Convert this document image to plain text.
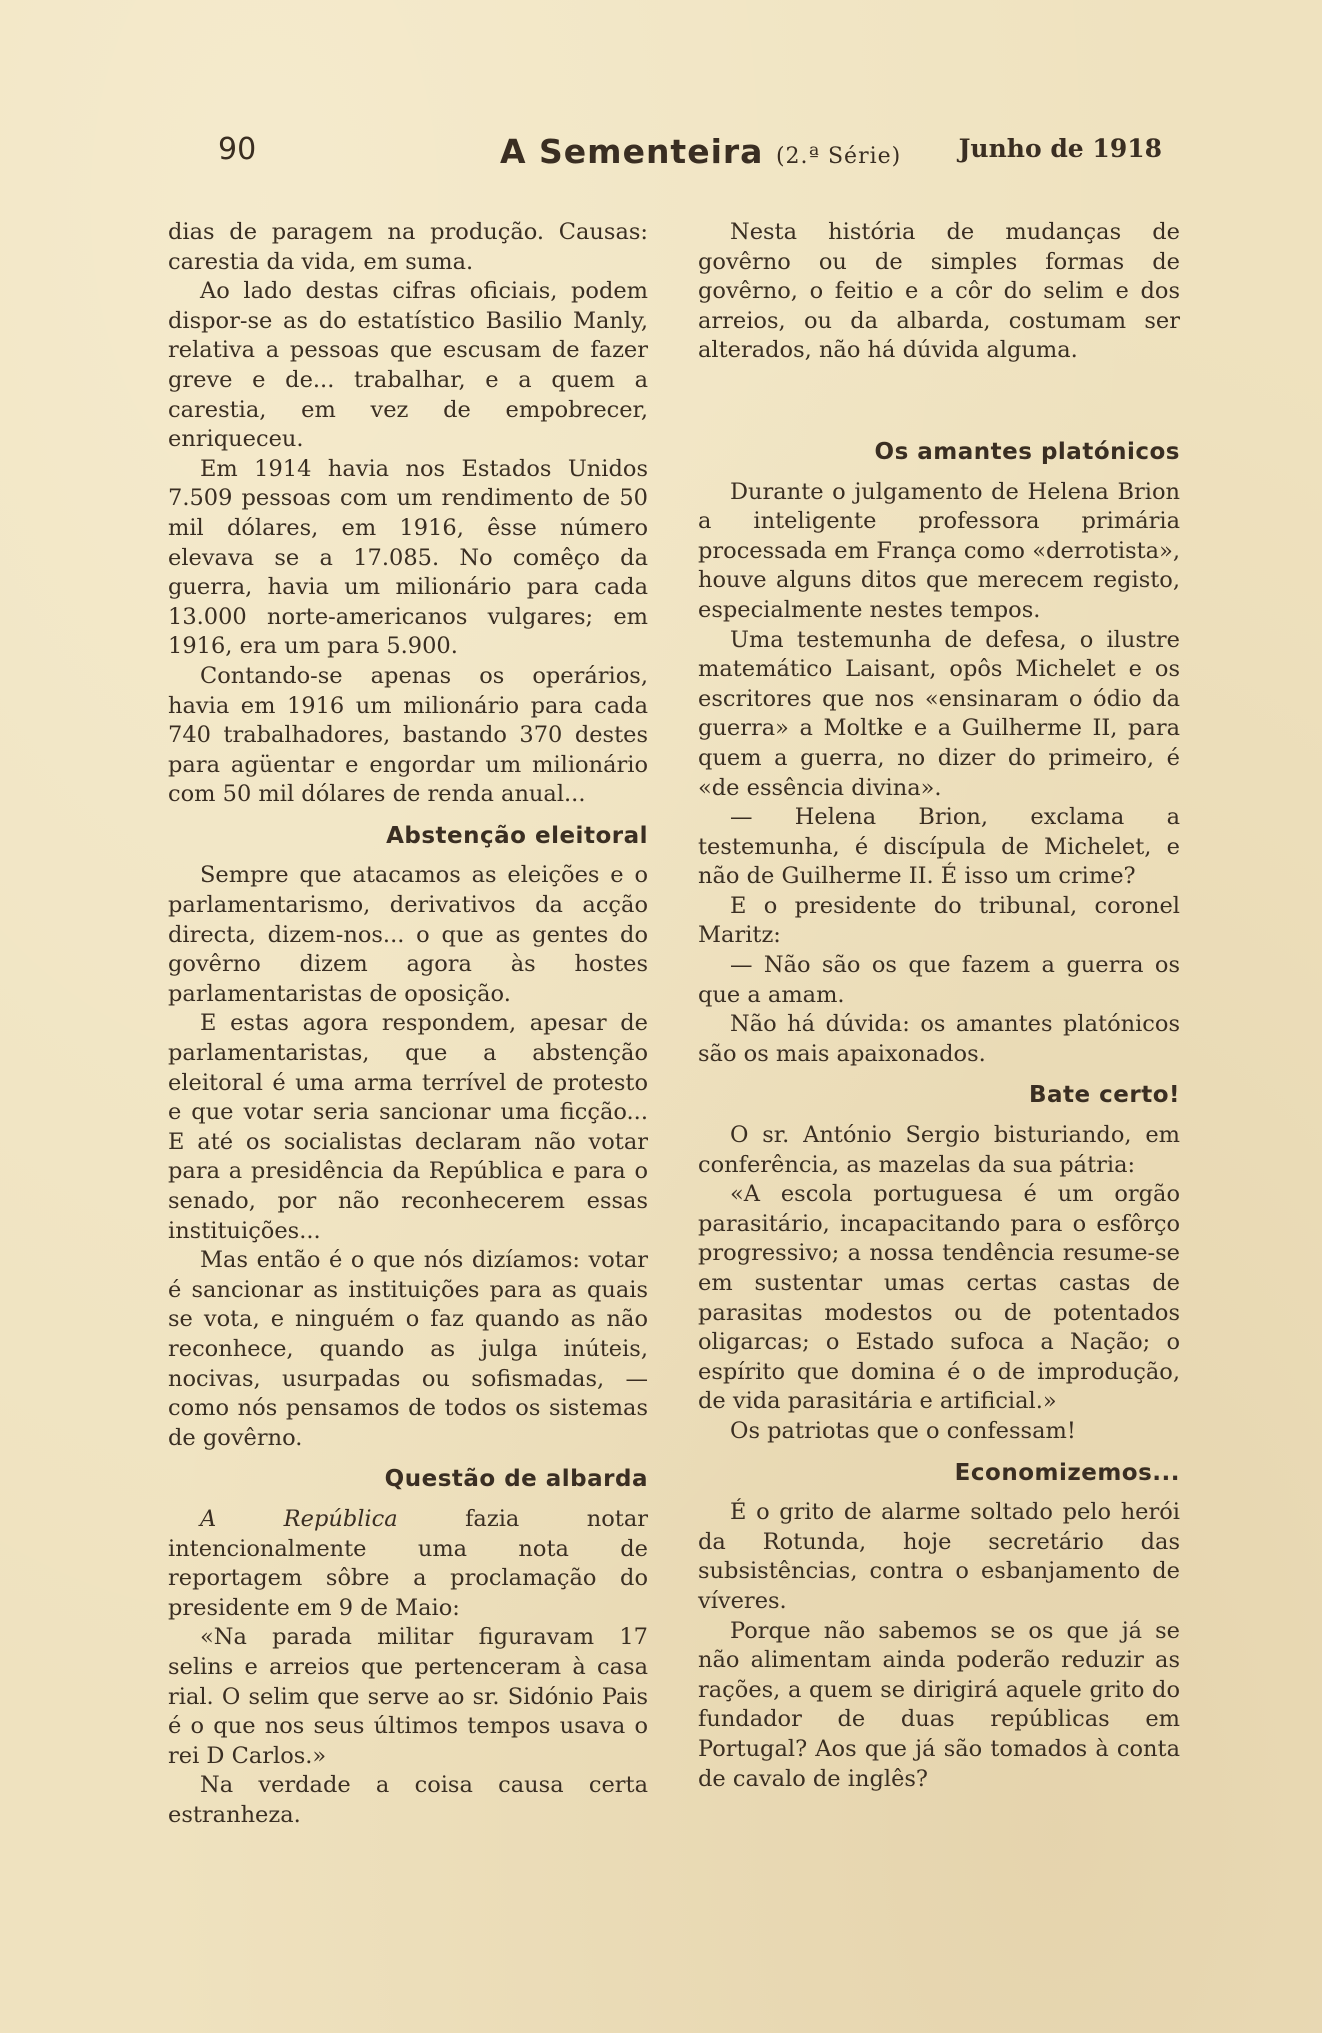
90	A Sementeira (2.ª Série) Junho de 1918

dias de paragem na produção. Causas: carestia da vida, em suma.

Ao lado destas cifras oficiais, podem dispor-se as do estatístico Basilio Manly, relativa a pessoas que escusam de fazer greve e de... trabalhar, e a quem a carestia, em vez de empobrecer, enriqueceu.

Em 1914 havia nos Estados Unidos 7.509 pessoas com um rendimento de 50 mil dólares, em 1916, êsse número elevava se a 17.085. No comêço da guerra, havia um milionário para cada 13.000 norte-americanos vulgares; em 1916, era um para 5.900.

Contando-se apenas os operários, havia em 1916 um milionário para cada 740 trabalhadores, bastando 370 destes para agüentar e engordar um milionário com 50 mil dólares de renda anual...

Abstenção eleitoral

Sempre que atacamos as eleições e o parlamentarismo, derivativos da acção directa, dizem-nos... o que as gentes do govêrno dizem agora às hostes parlamentaristas de oposição.

E estas agora respondem, apesar de parlamentaristas, que a abstenção eleitoral é uma arma terrível de protesto e que votar seria sancionar uma ficção... E até os socialistas declaram não votar para a presidência da República e para o senado, por não reconhecerem essas instituições...

Mas então é o que nós dizíamos: votar é sancionar as instituições para as quais se vota, e ninguém o faz quando as não reconhece, quando as julga inúteis, nocivas, usurpadas ou sofismadas, — como nós pensamos de todos os sistemas de govêrno.

Questão de albarda

A República fazia notar intencionalmente uma nota de reportagem sôbre a proclamação do presidente em 9 de Maio:

«Na parada militar figuravam 17 selins e arreios que pertenceram à casa rial. O selim que serve ao sr. Sidónio Pais é o que nos seus últimos tempos usava o rei D Carlos.»

Na verdade a coisa causa certa estranheza.

Nesta história de mudanças de govêrno ou de simples formas de govêrno, o feitio e a côr do selim e dos arreios, ou da albarda, costumam ser alterados, não há dúvida alguma.

Os amantes platónicos

Durante o julgamento de Helena Brion a inteligente professora primária processada em França como «derrotista», houve alguns ditos que merecem registo, especialmente nestes tempos.

Uma testemunha de defesa, o ilustre matemático Laisant, opôs Michelet e os escritores que nos «ensinaram o ódio da guerra» a Moltke e a Guilherme II, para quem a guerra, no dizer do primeiro, é «de essência divina».

— Helena Brion, exclama a testemunha, é discípula de Michelet, e não de Guilherme II. É isso um crime?

E o presidente do tribunal, coronel Maritz:

— Não são os que fazem a guerra os que a amam.

Não há dúvida: os amantes platónicos são os mais apaixonados.

Bate certo!

O sr. António Sergio bisturiando, em conferência, as mazelas da sua pátria:

«A escola portuguesa é um orgão parasitário, incapacitando para o esfôrço progressivo; a nossa tendência resume-se em sustentar umas certas castas de parasitas modestos ou de potentados oligarcas; o Estado sufoca a Nação; o espírito que domina é o de improdução, de vida parasitária e artificial.»

Os patriotas que o confessam!

Economizemos...

É o grito de alarme soltado pelo herói da Rotunda, hoje secretário das subsistências, contra o esbanjamento de víveres.

Porque não sabemos se os que já se não alimentam ainda poderão reduzir as rações, a quem se dirigirá aquele grito do fundador de duas repúblicas em Portugal? Aos que já são tomados à conta de cavalo de inglês?
